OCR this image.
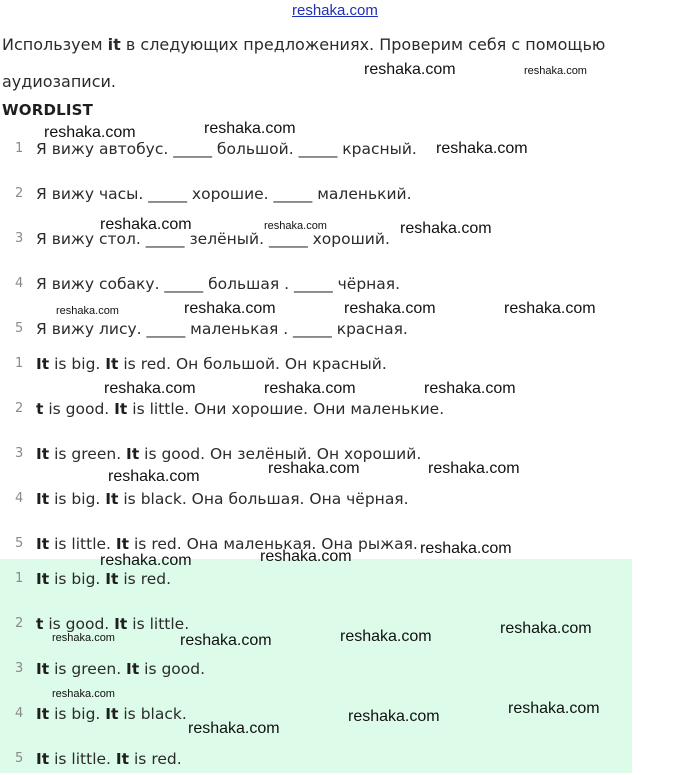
reshaka.com
Используем it в следующих предложениях. Проверим себя с помощью аудиозаписи.
WORDLIST
1 Я вижу автобус. _____ большой. _____ красный.
2 Я вижу часы. _____ хорошие. _____ маленький.
3 Я вижу стол. _____ зелёный. _____ хороший.
4 Я вижу собаку. _____ большая . _____ чёрная.
5 Я вижу лису. _____ маленькая . _____ красная.
1 It is big. It is red. Он большой. Он красный.
2 t is good. It is little. Они хорошие. Они маленькие.
3 It is green. It is good. Он зелёный. Он хороший.
4 It is big. It is black. Она большая. Она чёрная.
5 It is little. It is red. Она маленькая. Она рыжая.
1 It is big. It is red.
2 t is good. It is little.
3 It is green. It is good.
4 It is big. It is black.
5 It is little. It is red.
reshaka.com	reshaka.com
reshaka.com	reshaka.com
reshaka.com
reshaka.com	reshaka.com	reshaka.com
reshaka.com	reshaka.com	reshaka.com	reshaka.com
reshaka.com	reshaka.com	reshaka.com
reshaka.com	reshaka.com
reshaka.com
reshaka.com
reshaka.com
reshaka.com
reshaka.com	reshaka.com	reshaka.com	reshaka.com
reshaka.com
reshaka.com
reshaka.com
reshaka.com
